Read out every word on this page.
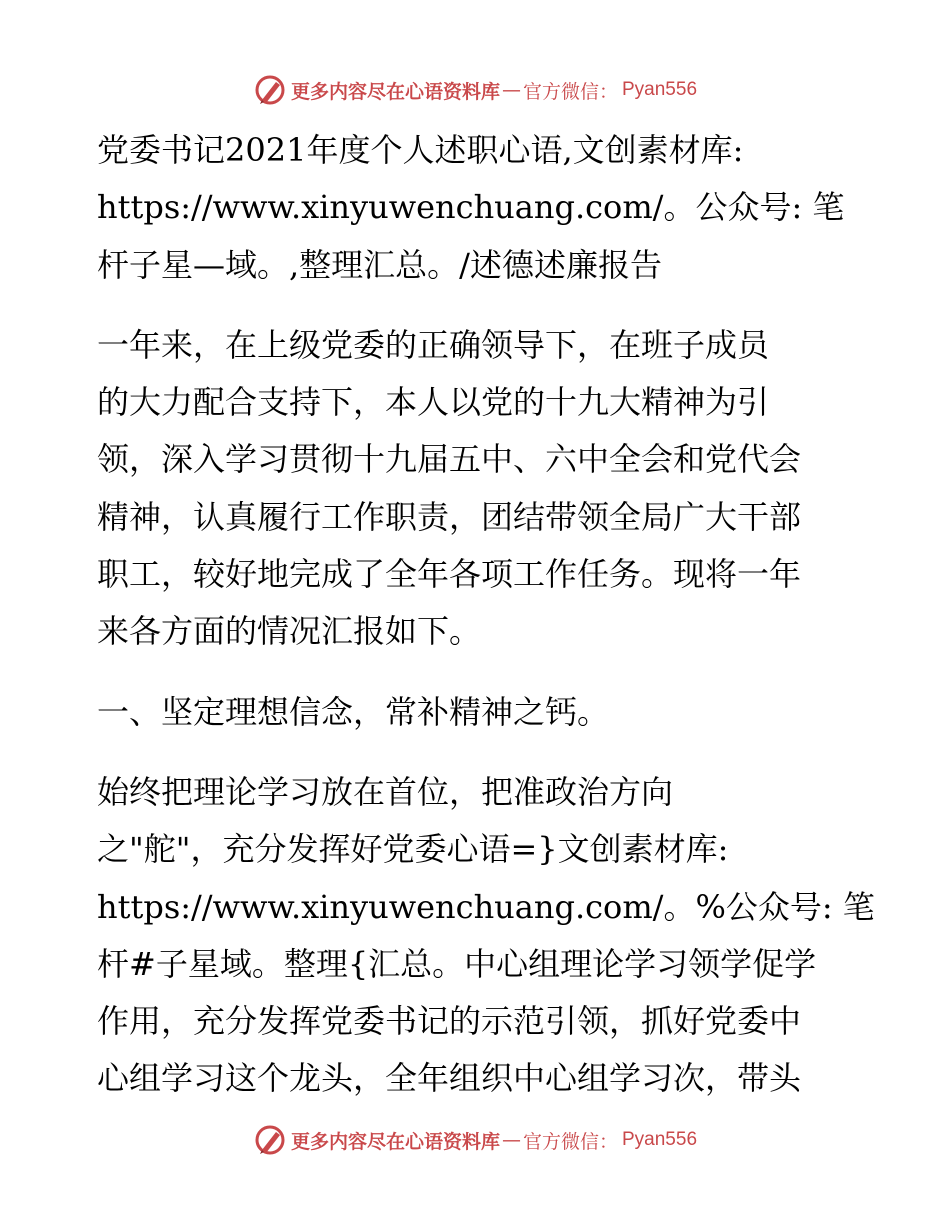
更多内容尽在心语资料库 — 官方微信： Pyan556
党委书记2021年度个人述职心语,文创素材库:
https://www.xinyuwenchuang.com/。公众号: 笔
杆子星—域。,整理汇总。/述德述廉报告
一年来，在上级党委的正确领导下，在班子成员
的大力配合支持下，本人以党的十九大精神为引
领，深入学习贯彻十九届五中、六中全会和党代会
精神，认真履行工作职责，团结带领全局广大干部
职工，较好地完成了全年各项工作任务。现将一年
来各方面的情况汇报如下。
一、坚定理想信念，常补精神之钙。
始终把理论学习放在首位，把准政治方向
之"舵"，充分发挥好党委心语=}文创素材库:
https://www.xinyuwenchuang.com/。%公众号: 笔
杆#子星域。整理{汇总。中心组理论学习领学促学
作用，充分发挥党委书记的示范引领，抓好党委中
心组学习这个龙头，全年组织中心组学习次，带头
更多内容尽在心语资料库 — 官方微信： Pyan556
